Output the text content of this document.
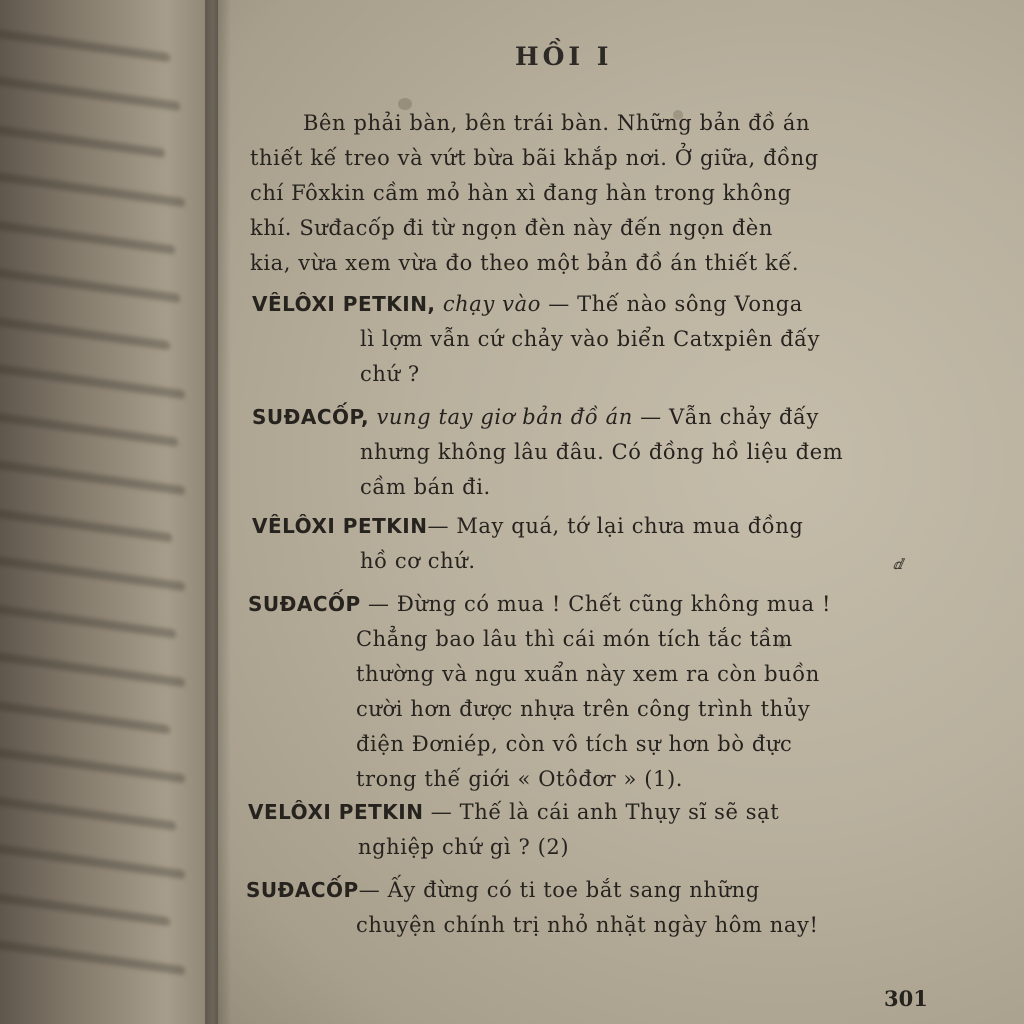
HỒI I
Bên phải bàn, bên trái bàn. Những bản đồ án
thiết kế treo và vứt bừa bãi khắp nơi. Ở giữa, đồng
chí Fôxkin cầm mỏ hàn xì đang hàn trong không
khí. Sưđacốp đi từ ngọn đèn này đến ngọn đèn
kia, vừa xem vừa đo theo một bản đồ án thiết kế.
VÊLÔXI PETKIN, chạy vào — Thế nào sông Vonga
lì lợm vẫn cứ chảy vào biển Catxpiên đấy
chứ ?
SUĐACỐP, vung tay giơ bản đồ án — Vẫn chảy đấy
nhưng không lâu đâu. Có đồng hồ liệu đem
cầm bán đi.
VÊLÔXI PETKIN— May quá, tớ lại chưa mua đồng
hồ cơ chứ.	ⅆ
SUĐACỐP — Đừng có mua ! Chết cũng không mua !
Chẳng bao lâu thì cái món tích tắc tầm
thường và ngu xuẩn này xem ra còn buồn
cười hơn được nhựa trên công trình thủy
điện Đơniép, còn vô tích sự hơn bò đực
trong thế giới « Otôđơr » (1).
VELÔXI PETKIN — Thế là cái anh Thụy sĩ sẽ sạt
nghiệp chứ gì ? (2)
SUĐACỐP— Ấy đừng có ti toe bắt sang những
chuyện chính trị nhỏ nhặt ngày hôm nay!
301
